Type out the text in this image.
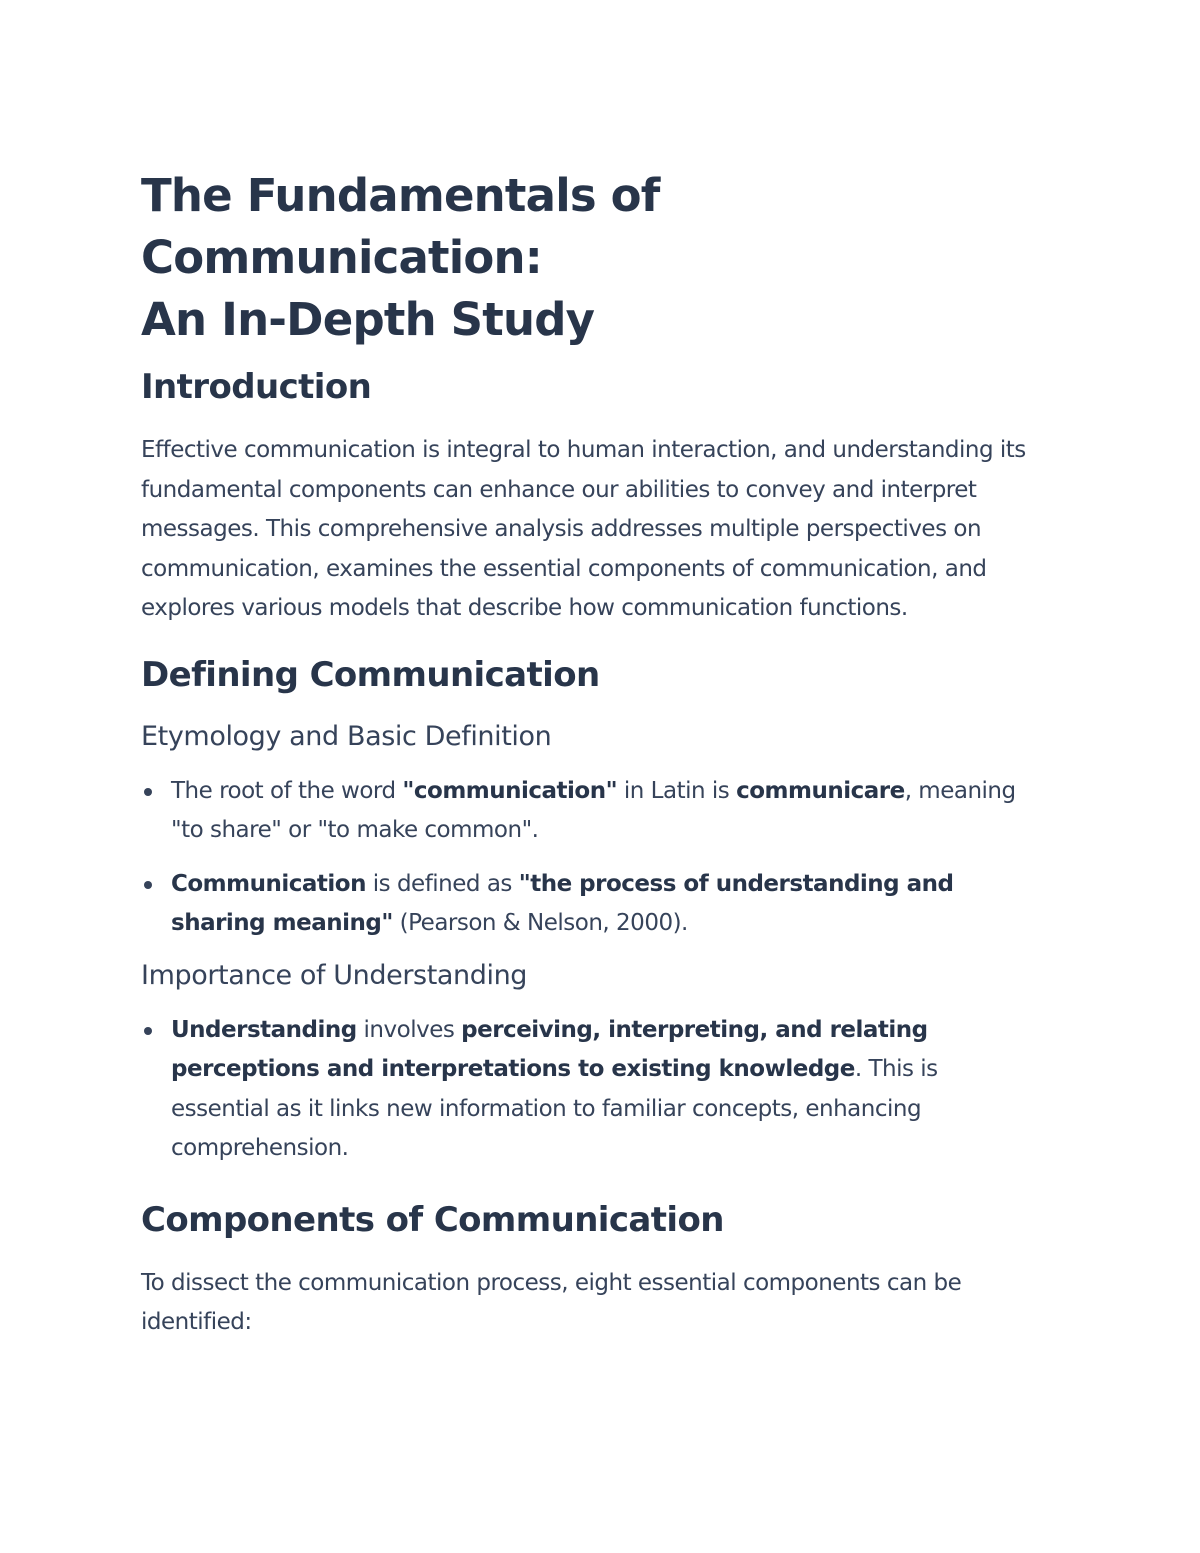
The Fundamentals of Communication:
An In-Depth Study
Introduction

Effective communication is integral to human interaction, and understanding its fundamental components can enhance our abilities to convey and interpret messages. This comprehensive analysis addresses multiple perspectives on communication, examines the essential components of communication, and explores various models that describe how communication functions.

Defining Communication
Etymology and Basic Definition
The root of the word "communication" in Latin is communicare, meaning "to share" or "to make common".
Communication is defined as "the process of understanding and sharing meaning" (Pearson & Nelson, 2000).
Importance of Understanding
Understanding involves perceiving, interpreting, and relating perceptions and interpretations to existing knowledge. This is essential as it links new information to familiar concepts, enhancing comprehension.
Components of Communication

To dissect the communication process, eight essential components can be identified:
